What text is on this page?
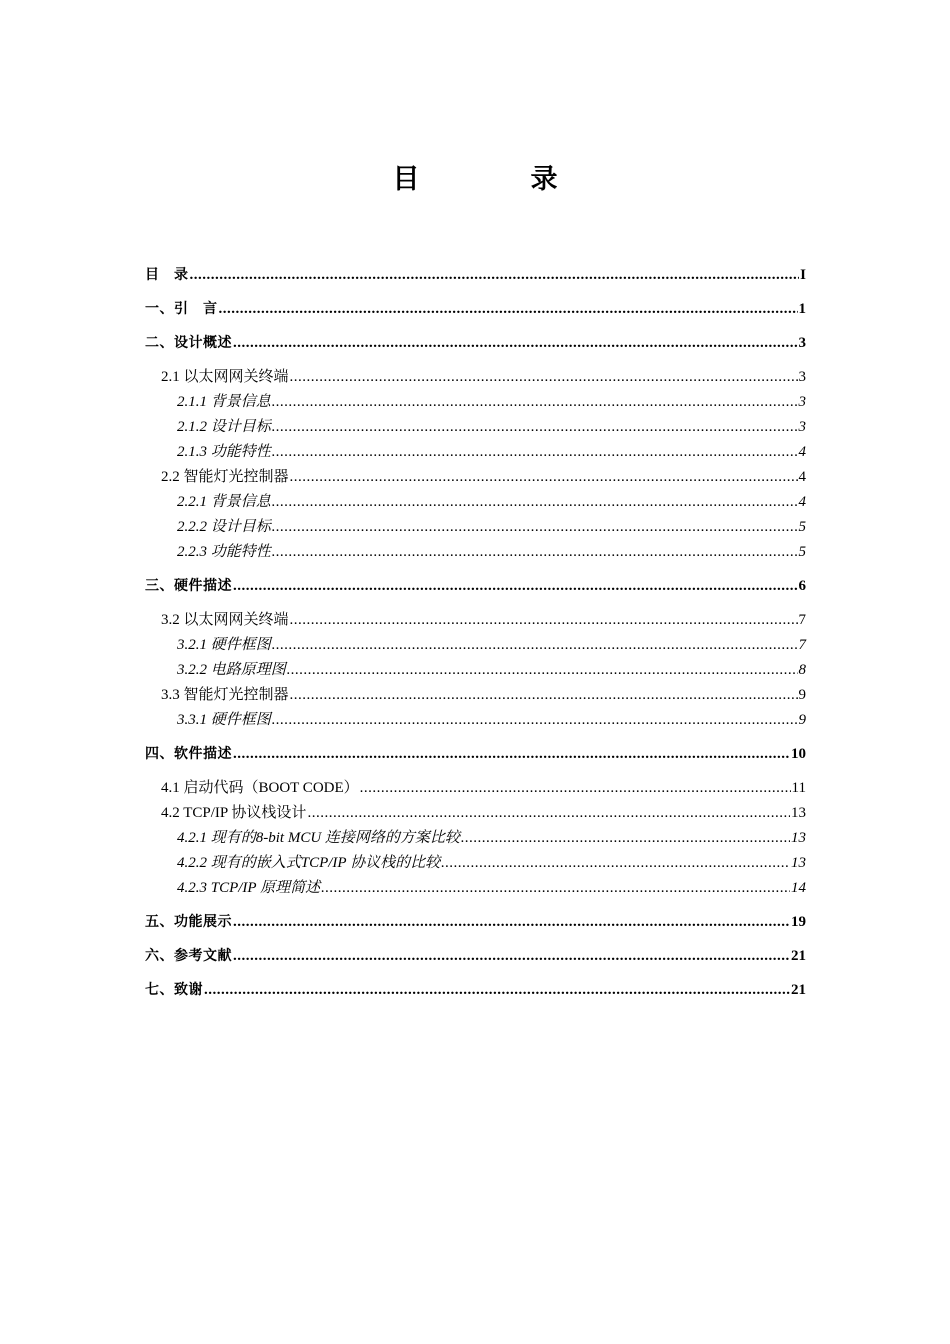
目　录
目　录 .....	I
一、引　言 .....	1
二、设计概述 .....	3
2.1 以太网网关终端 .....	3
2.1.1 背景信息 .....	3
2.1.2 设计目标 .....	3
2.1.3 功能特性 .....	4
2.2 智能灯光控制器 .....	4
2.2.1 背景信息 .....	4
2.2.2 设计目标 .....	5
2.2.3 功能特性 .....	5
三、硬件描述 .....	6
3.2 以太网网关终端 .....	7
3.2.1 硬件框图 .....	7
3.2.2 电路原理图 .....	8
3.3 智能灯光控制器 .....	9
3.3.1 硬件框图 .....	9
四、软件描述 .....	10
4.1 启动代码（BOOT CODE） .....	11
4.2 TCP/IP 协议栈设计 .....	13
4.2.1 现有的8-bit MCU 连接网络的方案比较 .....	13
4.2.2 现有的嵌入式TCP/IP 协议栈的比较 .....	13
4.2.3 TCP/IP 原理简述 .....	14
五、功能展示 .....	19
六、参考文献 .....	21
七、致谢 .....	21
